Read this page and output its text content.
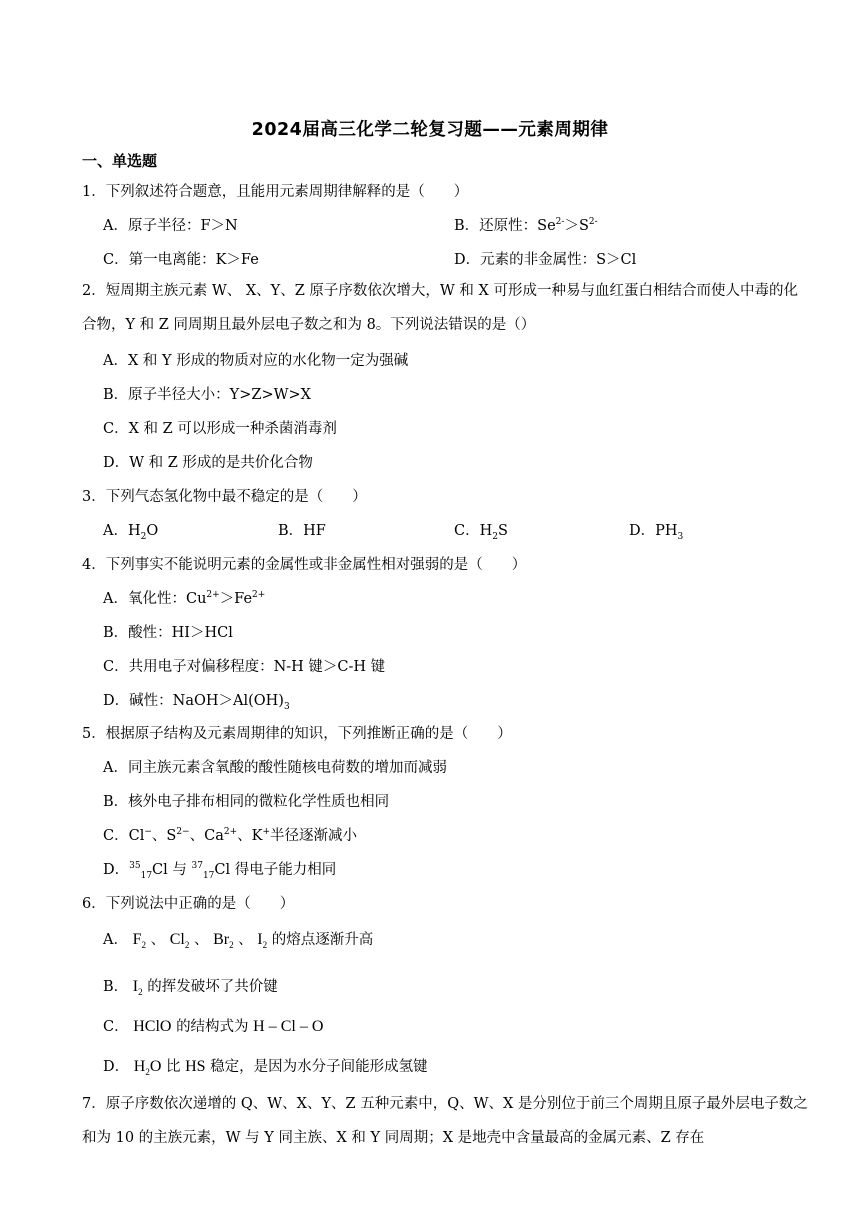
2024届高三化学二轮复习题——元素周期律
一、单选题
1．下列叙述符合题意，且能用元素周期律解释的是（　　）
A．原子半径：F＞N	B．还原性：$Se^{2-}>S^{2-}$
C．第一电离能：K＞Fe	D．元素的非金属性：S＞Cl
2．短周期主族元素 W、 X、Y、Z 原子序数依次增大，W 和 X 可形成一种易与血红蛋白相结合而使人中毒的化合物，Y 和 Z 同周期且最外层电子数之和为 8。下列说法错误的是（）
A．X 和 Y 形成的物质对应的水化物一定为强碱
B．原子半径大小：Y>Z>W>X
C．X 和 Z 可以形成一种杀菌消毒剂
D．W 和 Z 形成的是共价化合物
3．下列气态氢化物中最不稳定的是（　　）
A．$H_2O$	B．HF	C．$H_2S$	D．$PH_3$
4．下列事实不能说明元素的金属性或非金属性相对强弱的是（　　）
A．氧化性：$Cu^{2+}>Fe^{2+}$
B．酸性：HI＞HCl
C．共用电子对偏移程度：N-H 键＞C-H 键
D．碱性：$NaOH>Al(OH)_3$
5．根据原子结构及元素周期律的知识，下列推断正确的是（　　）
A．同主族元素含氧酸的酸性随核电荷数的增加而减弱
B．核外电子排布相同的微粒化学性质也相同
C．Cl−、$S^{2-}$、$Ca^{2+}$、K+半径逐渐减小
D．$^{35}_{17}$Cl 与 $^{37}_{17}$Cl 得电子能力相同
6．下列说法中正确的是（　　）
A． $F_2$ 、 $Cl_2$ 、 $Br_2$ 、 $I_2$ 的熔点逐渐升高
B． $I_2$ 的挥发破坏了共价键
C． HClO 的结构式为 H – Cl – O
D． $H_2O$ 比 HS 稳定，是因为水分子间能形成氢键
7．原子序数依次递增的 Q、W、X、Y、Z 五种元素中，Q、W、X 是分别位于前三个周期且原子最外层电子数之和为 10 的主族元素，W 与 Y 同主族、X 和 Y 同周期；X 是地壳中含量最高的金属元素、Z 存在
